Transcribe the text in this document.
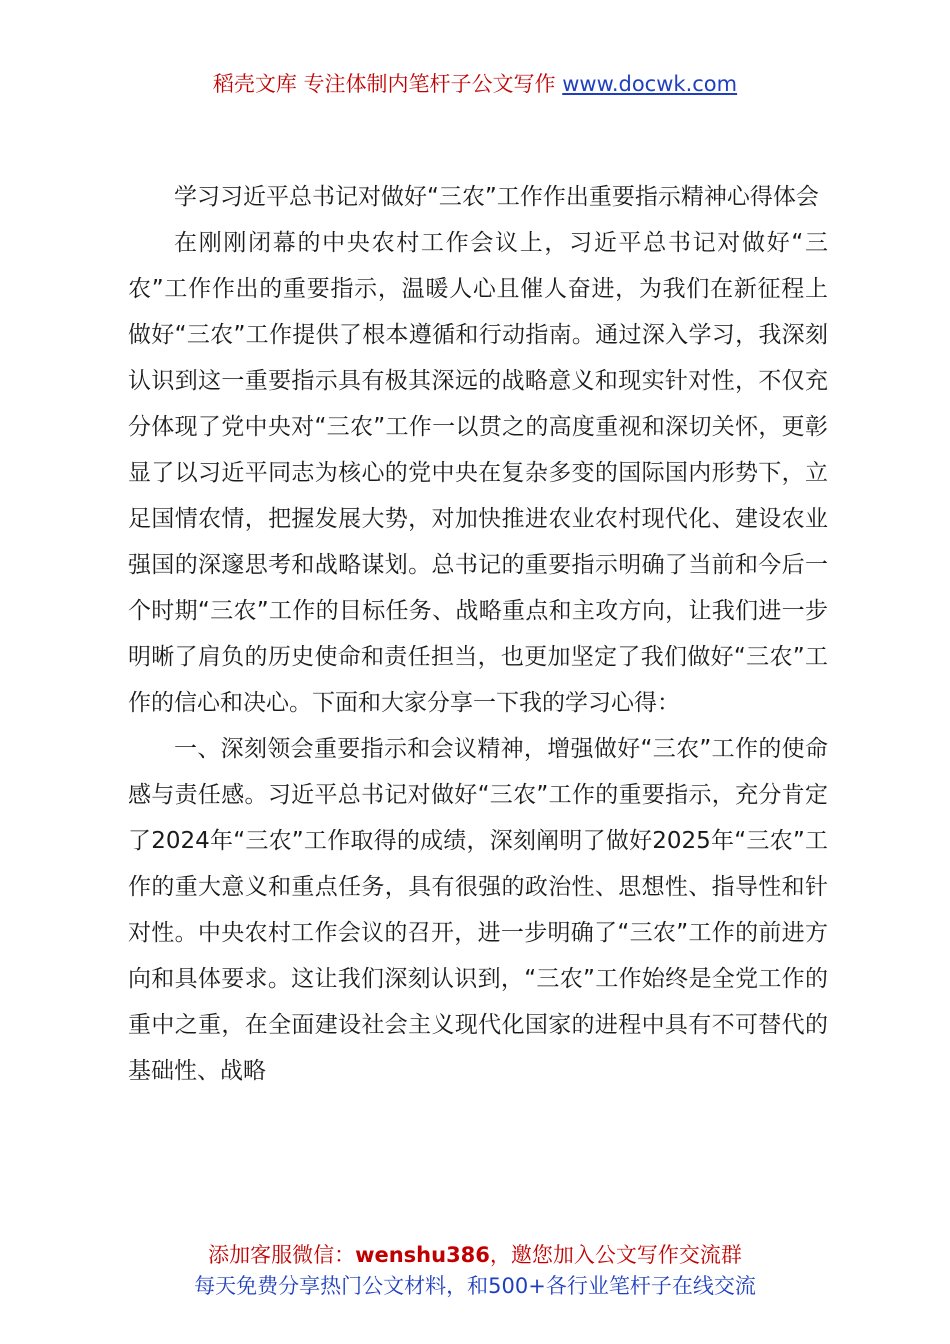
稻壳文库 专注体制内笔杆子公文写作 www.docwk.com

学习习近平总书记对做好“三农”工作作出重要指示精神心得体会

在刚刚闭幕的中央农村工作会议上，习近平总书记对做好“三农”工作作出的重要指示，温暖人心且催人奋进，为我们在新征程上做好“三农”工作提供了根本遵循和行动指南。通过深入学习，我深刻认识到这一重要指示具有极其深远的战略意义和现实针对性，不仅充分体现了党中央对“三农”工作一以贯之的高度重视和深切关怀，更彰显了以习近平同志为核心的党中央在复杂多变的国际国内形势下，立足国情农情，把握发展大势，对加快推进农业农村现代化、建设农业强国的深邃思考和战略谋划。总书记的重要指示明确了当前和今后一个时期“三农”工作的目标任务、战略重点和主攻方向，让我们进一步明晰了肩负的历史使命和责任担当，也更加坚定了我们做好“三农”工作的信心和决心。下面和大家分享一下我的学习心得：

一、深刻领会重要指示和会议精神，增强做好“三农”工作的使命感与责任感。习近平总书记对做好“三农”工作的重要指示，充分肯定了2024年“三农”工作取得的成绩，深刻阐明了做好2025年“三农”工作的重大意义和重点任务，具有很强的政治性、思想性、指导性和针对性。中央农村工作会议的召开，进一步明确了“三农”工作的前进方向和具体要求。这让我们深刻认识到，“三农”工作始终是全党工作的重中之重，在全面建设社会主义现代化国家的进程中具有不可替代的基础性、战略

添加客服微信：wenshu386，邀您加入公文写作交流群
每天免费分享热门公文材料，和500+各行业笔杆子在线交流
